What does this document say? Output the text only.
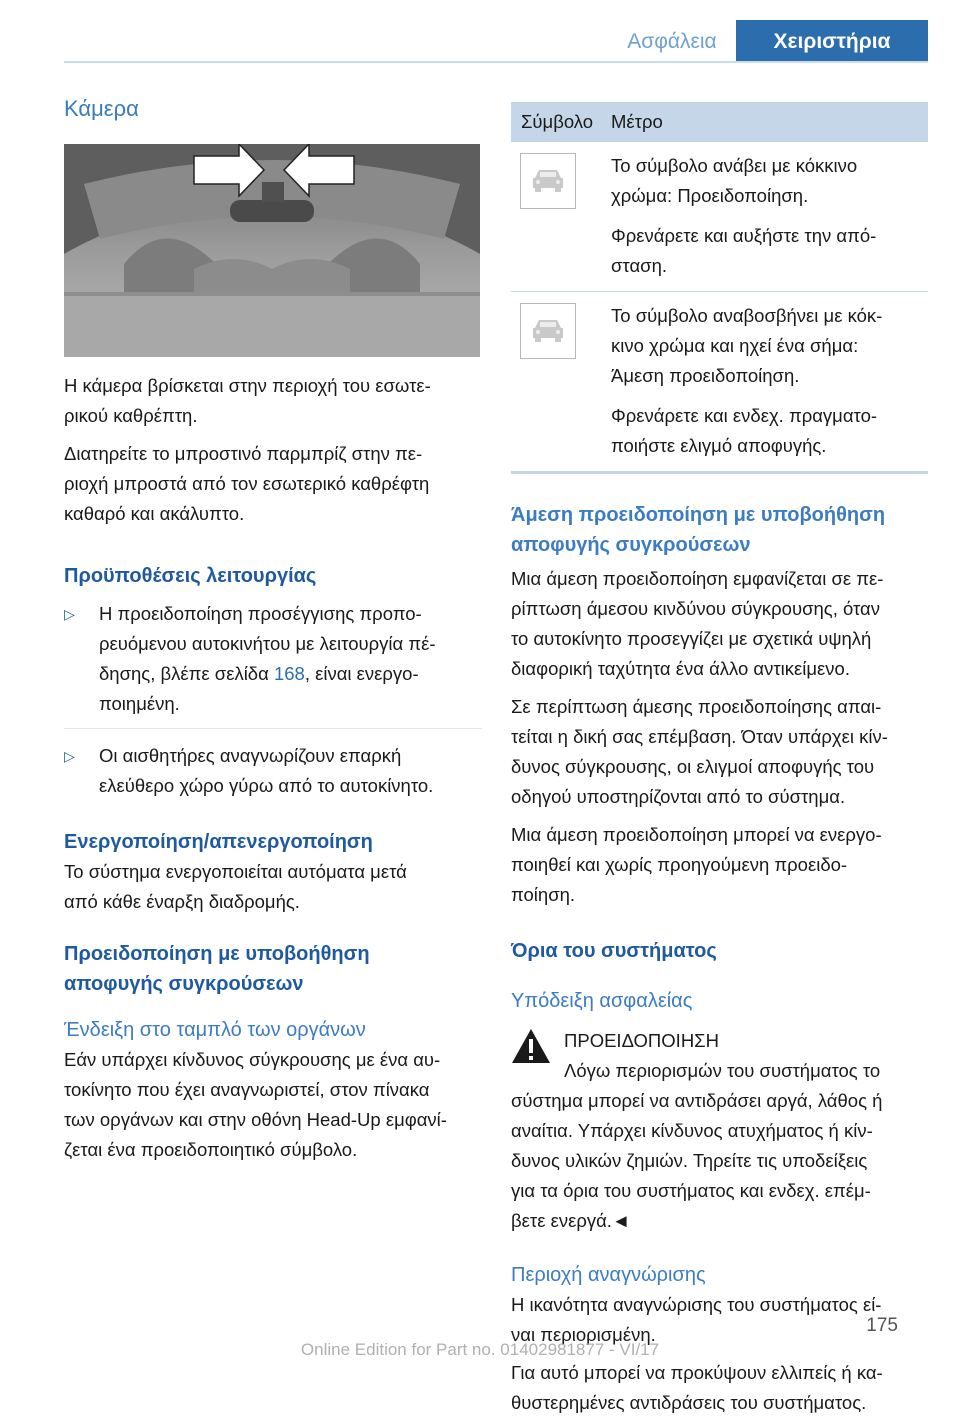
Ασφάλεια	Χειριστήρια
Κάμερα

Η κάμερα βρίσκεται στην περιοχή του εσωτε-
ρικού καθρέπτη.

Διατηρείτε το μπροστινό παρμπρίζ στην πε-
ριοχή μπροστά από τον εσωτερικό καθρέφτη
καθαρό και ακάλυπτο.

Προϋποθέσεις λειτουργίας
▷ Η προειδοποίηση προσέγγισης προπο-
ρευόμενου αυτοκινήτου με λειτουργία πέ-
δησης, βλέπε σελίδα 168, είναι ενεργο-
ποιημένη.
▷ Οι αισθητήρες αναγνωρίζουν επαρκή
ελεύθερο χώρο γύρω από το αυτοκίνητο.
Ενεργοποίηση/απενεργοποίηση

Το σύστημα ενεργοποιείται αυτόματα μετά
από κάθε έναρξη διαδρομής.

Προειδοποίηση με υποβοήθηση
αποφυγής συγκρούσεων
Ένδειξη στο ταμπλό των οργάνων

Εάν υπάρχει κίνδυνος σύγκρουσης με ένα αυ-
τοκίνητο που έχει αναγνωριστεί, στον πίνακα
των οργάνων και στην οθόνη Head-Up εμφανί-
ζεται ένα προειδοποιητικό σύμβολο.

Σύμβολο Μέτρο

Το σύμβολο ανάβει με κόκκινο
χρώμα: Προειδοποίηση.

Φρενάρετε και αυξήστε την από-
σταση.

Το σύμβολο αναβοσβήνει με κόκ-
κινο χρώμα και ηχεί ένα σήμα:
Άμεση προειδοποίηση.

Φρενάρετε και ενδεχ. πραγματο-
ποιήστε ελιγμό αποφυγής.

Άμεση προειδοποίηση με υποβοήθηση
αποφυγής συγκρούσεων

Μια άμεση προειδοποίηση εμφανίζεται σε πε-
ρίπτωση άμεσου κινδύνου σύγκρουσης, όταν
το αυτοκίνητο προσεγγίζει με σχετικά υψηλή
διαφορική ταχύτητα ένα άλλο αντικείμενο.

Σε περίπτωση άμεσης προειδοποίησης απαι-
τείται η δική σας επέμβαση. Όταν υπάρχει κίν-
δυνος σύγκρουσης, οι ελιγμοί αποφυγής του
οδηγού υποστηρίζονται από το σύστημα.

Μια άμεση προειδοποίηση μπορεί να ενεργο-
ποιηθεί και χωρίς προηγούμενη προειδο-
ποίηση.

Όρια του συστήματος
Υπόδειξη ασφαλείας

ΠΡΟΕΙΔΟΠΟΙΗΣΗ

Λόγω περιορισμών του συστήματος το

σύστημα μπορεί να αντιδράσει αργά, λάθος ή
αναίτια. Υπάρχει κίνδυνος ατυχήματος ή κίν-
δυνος υλικών ζημιών. Τηρείτε τις υποδείξεις
για τα όρια του συστήματος και ενδεχ. επέμ-
βετε ενεργά.◄

Περιοχή αναγνώρισης

Η ικανότητα αναγνώρισης του συστήματος εί-
ναι περιορισμένη.

Για αυτό μπορεί να προκύψουν ελλιπείς ή κα-
θυστερημένες αντιδράσεις του συστήματος.

175
Online Edition for Part no. 01402981877 - VI/17
